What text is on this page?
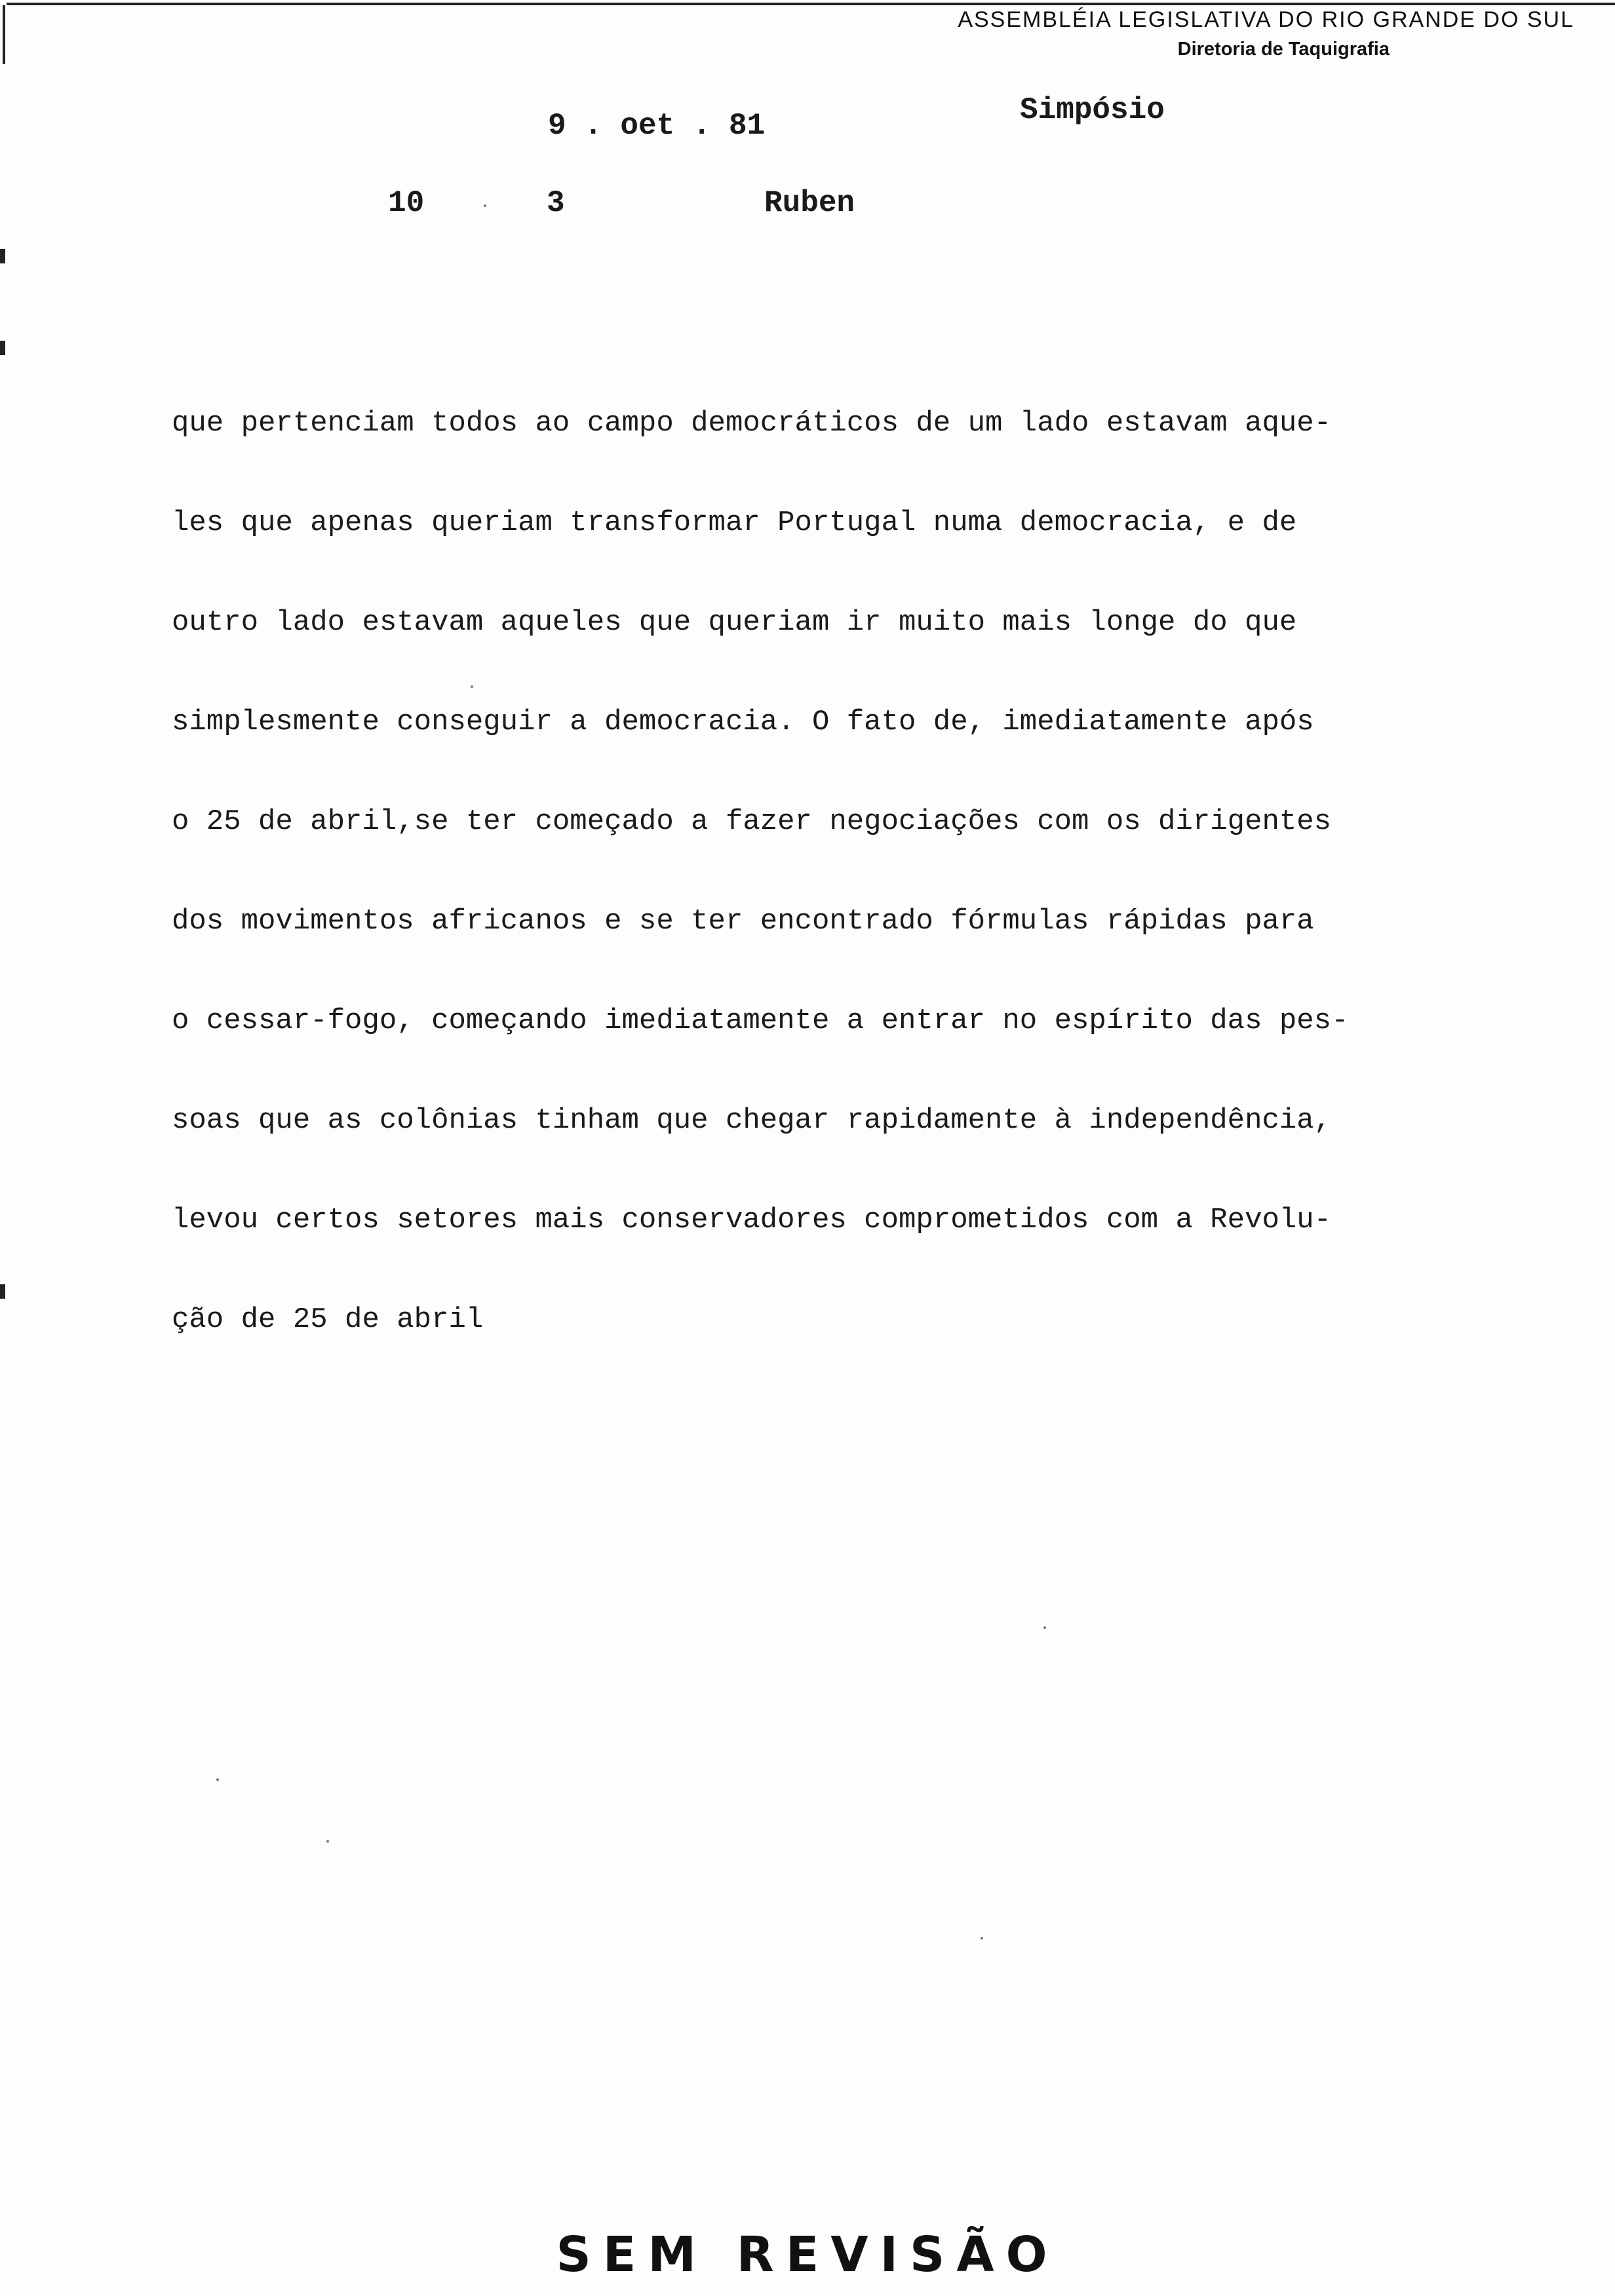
ASSEMBLÉIA LEGISLATIVA DO RIO GRANDE DO SUL
Diretoria de Taquigrafia
9 . oet . 81	Simpósio
10	3	Ruben
que pertenciam todos ao campo democráticos de um lado estavam aque-
les que apenas queriam transformar Portugal numa democracia, e de
outro lado estavam aqueles que queriam ir muito mais longe do que
simplesmente conseguir a democracia. O fato de, imediatamente após
o 25 de abril,se ter começado a fazer negociações com os dirigentes
dos movimentos africanos e se ter encontrado fórmulas rápidas para
o cessar-fogo, começando imediatamente a entrar no espírito das pes-
soas que as colônias tinham que chegar rapidamente à independência,
levou certos setores mais conservadores comprometidos com a Revolu-
ção de 25 de abril
SEM REVISÃO
